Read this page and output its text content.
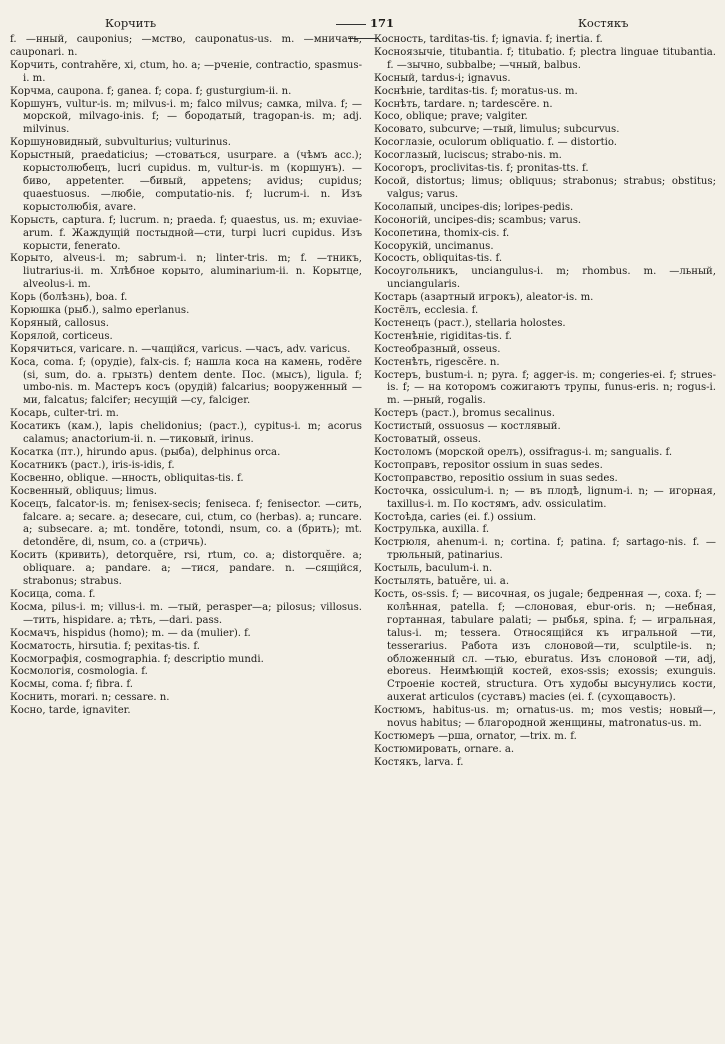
Корчить	171	Костякъ

f. —нный, cauponius; —мство, cauponatus-us. m. —мничать, cauponari. n.

Корчить, contrahĕre, xi, ctum, ho. a; —рченіе, contractio, spasmus-i. m.

Корчма, caupona. f; ganea. f; copa. f; gusturgium-ii. n.

Коршунъ, vultur-is. m; milvus-i. m; falco milvus; самка, milva. f; — морской, milvago-inis. f; — бородатый, tragopan-is. m; adj. milvinus.

Коршуновидный, subvulturius; vulturinus.

Корыстный, praedaticius; —стоваться, usurpare. a (чѣмъ acc.); корыстолюбецъ, lucri cupidus. m, vultur-is. m (коршунъ). —бивo, appetenter. —бивый, appetens; avidus; cupidus; quaestuosus. —любіе, computatio-nis. f; lucrum-i. n. Изъ корыстолюбія, avare.

Корысть, captura. f; lucrum. n; praeda. f; quaestus, us. m; exuviae-arum. f. Жаждущій постыдной—сти, turpi lucri cupidus. Изъ корысти, fenerato.

Корыто, alveus-i. m; sabrum-i. n; linter-tris. m; f. —тникъ, liutrarius-ii. m. Хлѣбное корыто, aluminarium-ii. n. Корытце, alveolus-i. m.

Корь (болѣзнь), boa. f.

Корюшка (рыб.), salmo eperlanus.

Коряный, callosus.

Корялой, corticeus.

Корячиться, varicare. n. —чащійся, varicus. —часъ, adv. varicus.

Коса, coma. f; (орудіе), falx-cis. f; нашла коса на камень, rodĕre (si, sum, do. a. грызть) dentem dente. Пос. (мысъ), ligula. f; umbo-nis. m. Мастеръ косъ (орудій) falcarius; вооруженный —ми, falcatus; falcifer; несущій —су, falciger.

Косарь, culter-tri. m.

Косатикъ (кам.), lapis chelidonius; (раст.), cypitus-i. m; acorus calamus; anactorium-ii. n. —тиковый, irinus.

Косатка (пт.), hirundo apus. (рыба), delphinus orca.

Косатникъ (раст.), iris-is-idis, f.

Косвенно, oblique. —нность, obliquitas-tis. f.

Косвенный, obliquus; limus.

Косецъ, falcator-is. m; fenisex-secis; feniseca. f; fenisector. —сить, falcare. a; secare. a; desecare, cui, ctum, со (herbas). a; runcare. a; subsecare. a; mt. tondĕre, totondi, nsum, co. a (брить); mt. detondĕre, di, nsum, co. a (стричь).

Косить (кривить), detorquĕre, rsi, rtum, co. a; distorquĕre. a; obliquare. a; pandare. a; —тися, pandare. n. —сящійся, strabonus; strabus.

Косица, coma. f.

Косма, pilus-i. m; villus-i. m. —тый, perasper—a; pilosus; villosus. —тить, hispidare. a; тѣть, —dari. pass.

Космачъ, hispidus (homo); m. — da (mulier). f.

Косматость, hirsutia. f; pexitas-tis. f.

Космографія, cosmographia. f; descriptio mundi.

Космологія, cosmologia. f.

Космы, coma. f; fibra. f.

Коснить, morari. n; cessare. n.

Косно, tarde, ignaviter.

Косность, tarditas-tis. f; ignavia. f; inertia. f.

Косноязычіе, titubantia. f; titubatio. f; plectra linguae titubantia. f. —зычно, subbalbe; —чный, balbus.

Косный, tardus-i; ignavus.

Коснѣніе, tarditas-tis. f; moratus-us. m.

Коснѣть, tardare. n; tardescĕre. n.

Косо, oblique; prave; valgiter.

Косовато, subcurve; —тый, limulus; subcurvus.

Косоглазіе, oculorum obliquatio. f. — distortio.

Косоглазый, luciscus; strabo-nis. m.

Косогоръ, proclivitas-tis. f; pronitas-tts. f.

Косой, distortus; limus; obliquus; strabonus; strabus; obstitus; valgus; varus.

Косолапый, uncipes-dis; loripes-pedis.

Косоногій, uncipes-dis; scambus; varus.

Косопетина, thomix-cis. f.

Косорукій, uncimanus.

Косость, obliquitas-tis. f.

Косоугольникъ, unciangulus-i. m; rhombus. m. —льный, unciangularis.

Костарь (азартный игрокъ), aleator-is. m.

Костёлъ, ecclesia. f.

Костенецъ (раст.), stellaria holostes.

Костенѣніе, rigiditas-tis. f.

Костеобразный, osseus.

Костенѣть, rigescĕre. n.

Костеръ, bustum-i. n; pyra. f; agger-is. m; congeries-ei. f; strues-is. f; — на которомъ сожигаютъ трупы, funus-eris. n; rogus-i. m. —рный, rogalis.

Костеръ (раст.), bromus secalinus.

Костистый, ossuosus — костлявый.

Костоватый, osseus.

Костоломъ (морской орелъ), ossifragus-i. m; sangualis. f.

Костоправъ, repositor ossium in suas sedes.

Костоправство, repositio ossium in suas sedes.

Косточка, ossiculum-i. n; — въ плодѣ, lignum-i. n; — игорная, taxillus-i. m. По костямъ, adv. ossiculatim.

Костоѣда, caries (ei. f.) ossium.

Кострулька, auxilla. f.

Кострюля, ahenum-i. n; cortina. f; patina. f; sartago-nis. f. —трюльный, patinarius.

Костыль, baculum-i. n.

Костылять, batuĕre, ui. a.

Кость, os-ssis. f; — височная, os jugale; бедренная —, coxa. f; —колѣнная, patella. f; —слоновая, ebur-oris. n; —небная, гортанная, tabulare palati; — рыбья, spina. f; — игральная, talus-i. m; tessera. Относящійся къ игральной —ти, tesserarius. Работа изъ слоновой—ти, sculptile-is. n; обложенный сл. —тью, eburatus. Изъ слоновой —ти, adj, eboreus. Неимѣющій костей, exos-ssis; exossis; exunguis. Строеніе костей, structura. Отъ худобы высунулись кости, auxerat articulos (суставъ) macies (ei. f. (сухощавость).

Костюмъ, habitus-us. m; ornatus-us. m; mos vestis; новый—, novus habitus; — благородной женщины, matronatus-us. m.

Костюмеръ —рша, ornator, —trix. m. f.

Костюмировать, ornare. a.

Костякъ, larva. f.
